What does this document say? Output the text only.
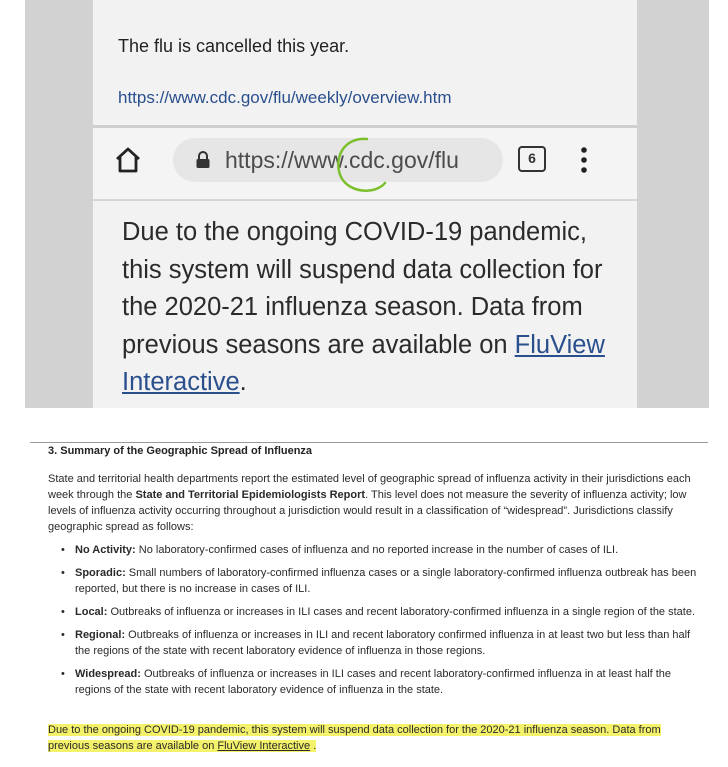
The flu is cancelled this year.
https://www.cdc.gov/flu/weekly/overview.htm
https://www.cdc.gov/flu	6
Due to the ongoing COVID-19 pandemic, this system will suspend data collection for the 2020-21 influenza season. Data from previous seasons are available on FluView Interactive.

3. Summary of the Geographic Spread of Influenza

State and territorial health departments report the estimated level of geographic spread of influenza activity in their jurisdictions each week through the State and Territorial Epidemiologists Report. This level does not measure the severity of influenza activity; low levels of influenza activity occurring throughout a jurisdiction would result in a classification of “widespread”. Jurisdictions classify geographic spread as follows:

• No Activity: No laboratory-confirmed cases of influenza and no reported increase in the number of cases of ILI.
• Sporadic: Small numbers of laboratory-confirmed influenza cases or a single laboratory-confirmed influenza outbreak has been reported, but there is no increase in cases of ILI.
• Local: Outbreaks of influenza or increases in ILI cases and recent laboratory-confirmed influenza in a single region of the state.
• Regional: Outbreaks of influenza or increases in ILI and recent laboratory confirmed influenza in at least two but less than half the regions of the state with recent laboratory evidence of influenza in those regions.
• Widespread: Outbreaks of influenza or increases in ILI cases and recent laboratory-confirmed influenza in at least half the regions of the state with recent laboratory evidence of influenza in the state.
Due to the ongoing COVID-19 pandemic, this system will suspend data collection for the 2020-21 influenza season. Data from previous seasons are available on FluView Interactive .
